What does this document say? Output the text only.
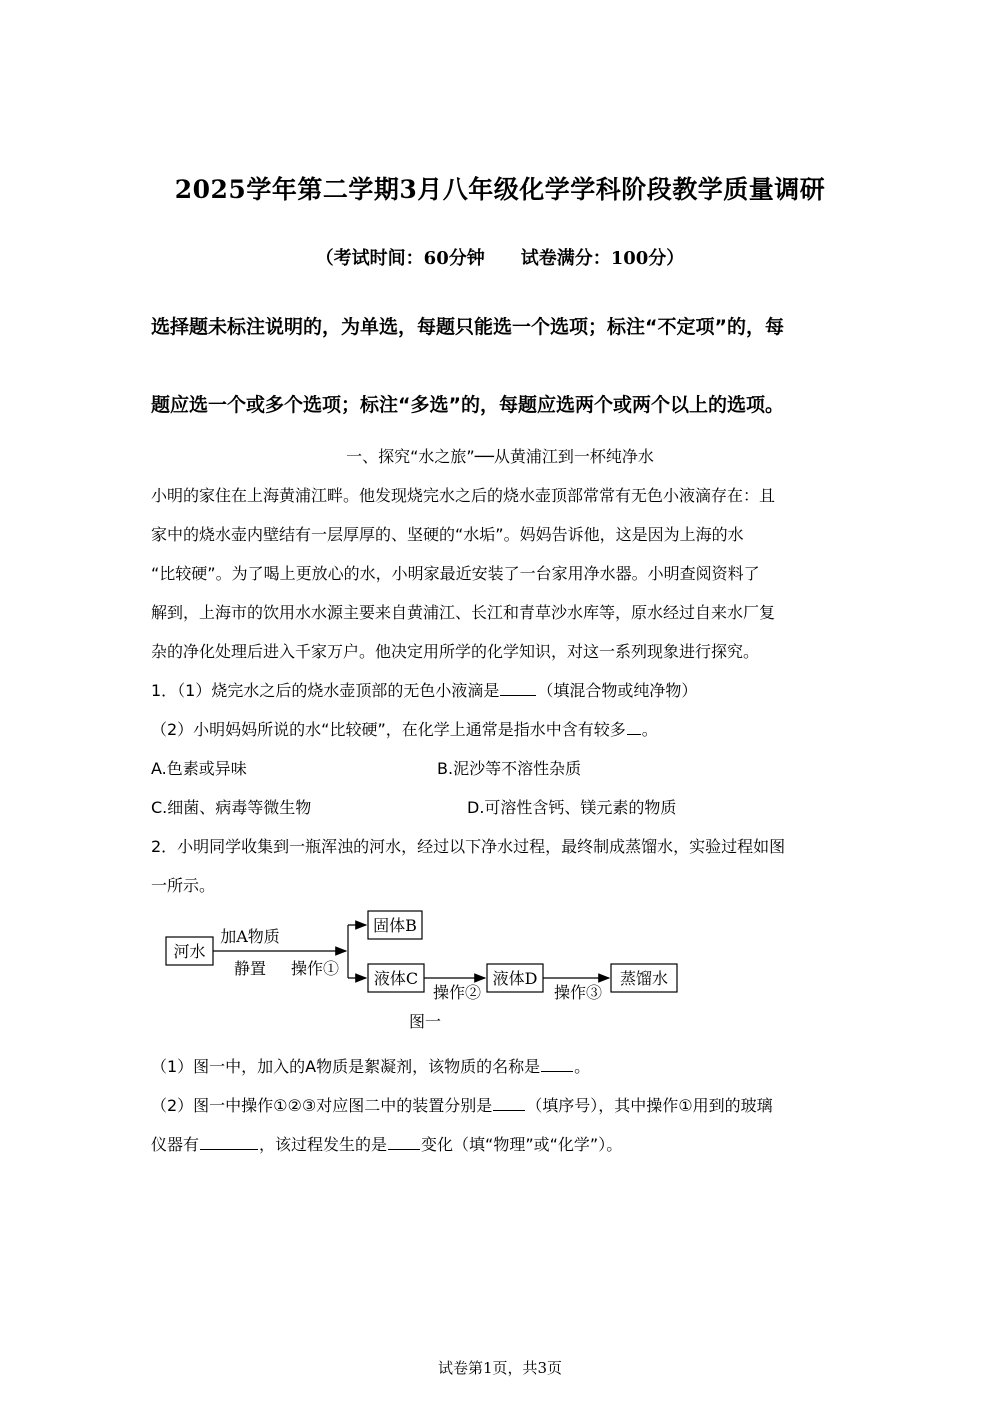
2025学年第二学期3月八年级化学学科阶段教学质量调研
（考试时间：60分钟 试卷满分：100分）
选择题未标注说明的，为单选，每题只能选一个选项；标注“不定项”的，每
题应选一个或多个选项；标注“多选”的，每题应选两个或两个以上的选项。
一、探究“水之旅”──从黄浦江到一杯纯净水
小明的家住在上海黄浦江畔。他发现烧完水之后的烧水壶顶部常常有无色小液滴存在：且
家中的烧水壶内壁结有一层厚厚的、坚硬的“水垢”。妈妈告诉他，这是因为上海的水
“比较硬”。为了喝上更放心的水，小明家最近安装了一台家用净水器。小明查阅资料了
解到，上海市的饮用水水源主要来自黄浦江、长江和青草沙水库等，原水经过自来水厂复
杂的净化处理后进入千家万户。他决定用所学的化学知识，对这一系列现象进行探究。
1．（1）烧完水之后的烧水壶顶部的无色小液滴是 （填混合物或纯净物）
（2）小明妈妈所说的水“比较硬”，在化学上通常是指水中含有较多 。
A.色素或异味	B.泥沙等不溶性杂质
C.细菌、病毒等微生物	D.可溶性含钙、镁元素的物质
2．小明同学收集到一瓶浑浊的河水，经过以下净水过程，最终制成蒸馏水，实验过程如图
一所示。
河水
加A物质
静置 操作①
固体B
液体C
操作②
液体D
操作③
蒸馏水
图一
（1）图一中，加入的A物质是絮凝剂，该物质的名称是 。
（2）图一中操作①②③对应图二中的装置分别是 （填序号），其中操作①用到的玻璃
仪器有	，该过程发生的是 变化（填“物理”或“化学”）。
试卷第1页，共3页
